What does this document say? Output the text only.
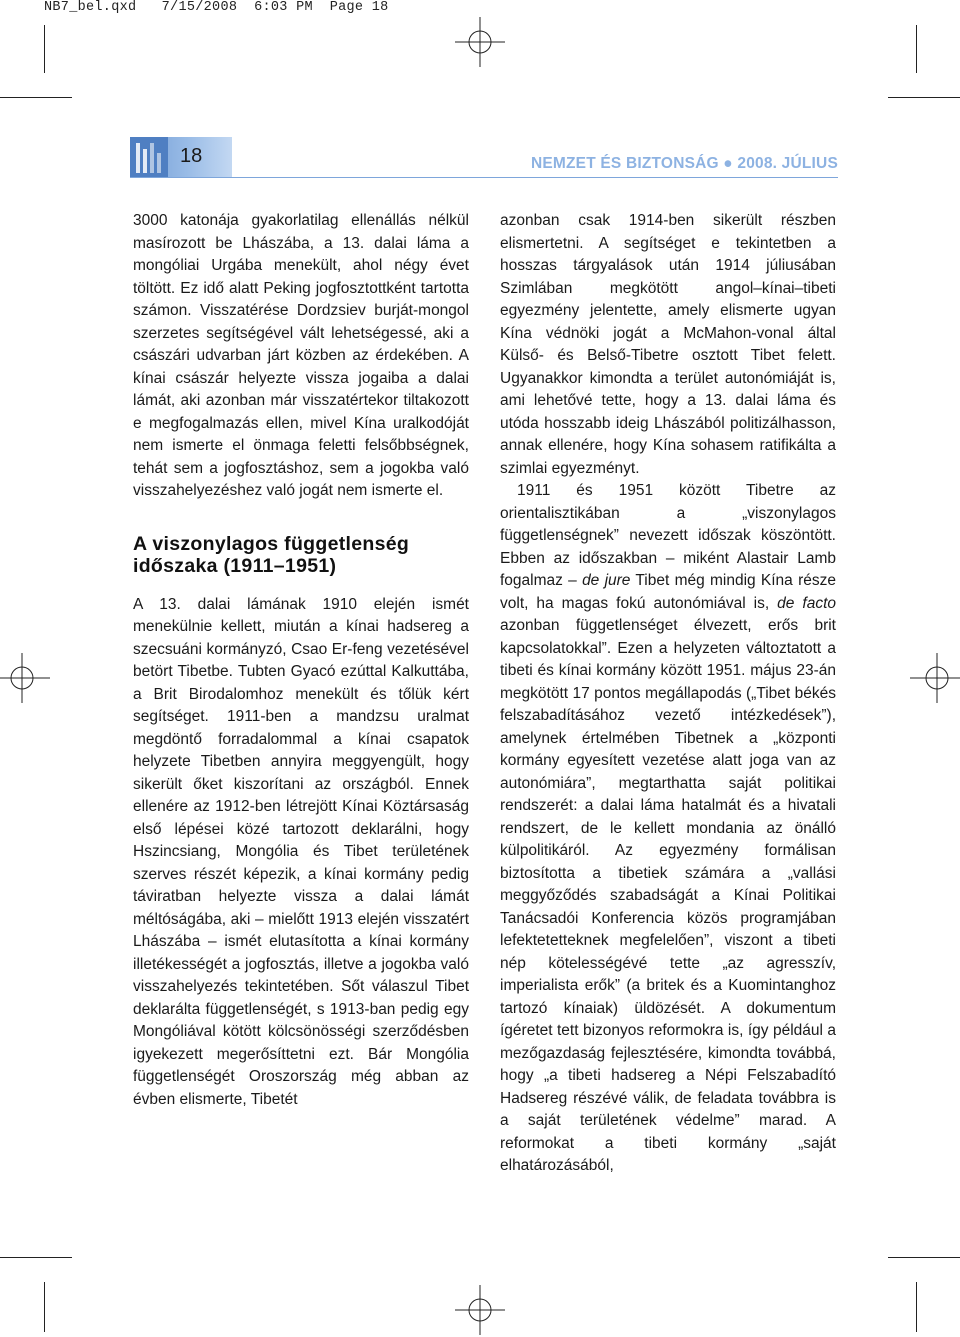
NB7_bel.qxd 7/15/2008 6:03 PM Page 18
18	NEMZET ÉS BIZTONSÁG ● 2008. JÚLIUS

3000 katonája gyakorlatilag ellenállás nélkül masírozott be Lhászába, a 13. dalai láma a mongóliai Urgába menekült, ahol négy évet töltött. Ez idő alatt Peking jogfosztottként tartotta számon. Visszatérése Dordzsiev burját-mongol szerzetes segítségével vált lehetségessé, aki a császári udvarban járt közben az érdekében. A kínai császár helyezte vissza jogaiba a dalai lámát, aki azonban már visszatértekor tiltakozott e megfogalmazás ellen, mivel Kína uralkodóját nem ismerte el önmaga feletti felsőbbségnek, tehát sem a jogfosztáshoz, sem a jogokba való visszahelyezéshez való jogát nem ismerte el.

A viszonylagos függetlenség időszaka (1911–1951)

A 13. dalai lámának 1910 elején ismét menekülnie kellett, miután a kínai hadsereg a szecsuáni kormányzó, Csao Er-feng vezetésével betört Tibetbe. Tubten Gyacó ezúttal Kalkuttába, a Brit Birodalomhoz menekült és tőlük kért segítséget. 1911-ben a mandzsu uralmat megdöntő forradalommal a kínai csapatok helyzete Tibetben annyira meggyengült, hogy sikerült őket kiszorítani az országból. Ennek ellenére az 1912-ben létrejött Kínai Köztársaság első lépései közé tartozott deklarálni, hogy Hszincsiang, Mongólia és Tibet területének szerves részét képezik, a kínai kormány pedig táviratban helyezte vissza a dalai lámát méltóságába, aki – mielőtt 1913 elején visszatért Lhászába – ismét elutasította a kínai kormány illetékességét a jogfosztás, illetve a jogokba való visszahelyezés tekintetében. Sőt válaszul Tibet deklarálta függetlenségét, s 1913-ban pedig egy Mongóliával kötött kölcsönösségi szerződésben igyekezett megerősíttetni ezt. Bár Mongólia függetlenségét Oroszország még abban az évben elismerte, Tibetét

azonban csak 1914-ben sikerült részben elismertetni. A segítséget e tekintetben a hosszas tárgyalások után 1914 júliusában Szimlában megkötött angol–kínai–tibeti egyezmény jelentette, amely elismerte ugyan Kína védnöki jogát a McMahon-vonal által Külső- és Belső-Tibetre osztott Tibet felett. Ugyanakkor kimondta a terület autonómiáját is, ami lehetővé tette, hogy a 13. dalai láma és utóda hosszabb ideig Lhászából politizálhasson, annak ellenére, hogy Kína sohasem ratifikálta a szimlai egyezményt.

1911 és 1951 között Tibetre az orientalisztikában a „viszonylagos függetlenségnek” nevezett időszak köszöntött. Ebben az időszakban – miként Alastair Lamb fogalmaz – de jure Tibet még mindig Kína része volt, ha magas fokú autonómiával is, de facto azonban függetlenséget élvezett, erős brit kapcsolatokkal”. Ezen a helyzeten változtatott a tibeti és kínai kormány között 1951. május 23-án megkötött 17 pontos megállapodás („Tibet békés felszabadításához vezető intézkedések”), amelynek értelmében Tibetnek a „központi kormány egyesített vezetése alatt joga van az autonómiára”, megtarthatta saját politikai rendszerét: a dalai láma hatalmát és a hivatali rendszert, de le kellett mondania az önálló külpolitikáról. Az egyezmény formálisan biztosította a tibetiek számára a „vallási meggyőződés szabadságát a Kínai Politikai Tanácsadói Konferencia közös programjában lefektetetteknek megfelelően”, viszont a tibeti nép kötelességévé tette „az agresszív, imperialista erők” (a britek és a Kuomintanghoz tartozó kínaiak) üldözését. A dokumentum ígéretet tett bizonyos reformokra is, így például a mezőgazdaság fejlesztésére, kimondta továbbá, hogy „a tibeti hadsereg a Népi Felszabadító Hadsereg részévé válik, de feladata továbbra is a saját területének védelme” marad. A reformokat a tibeti kormány „saját elhatározásából,
